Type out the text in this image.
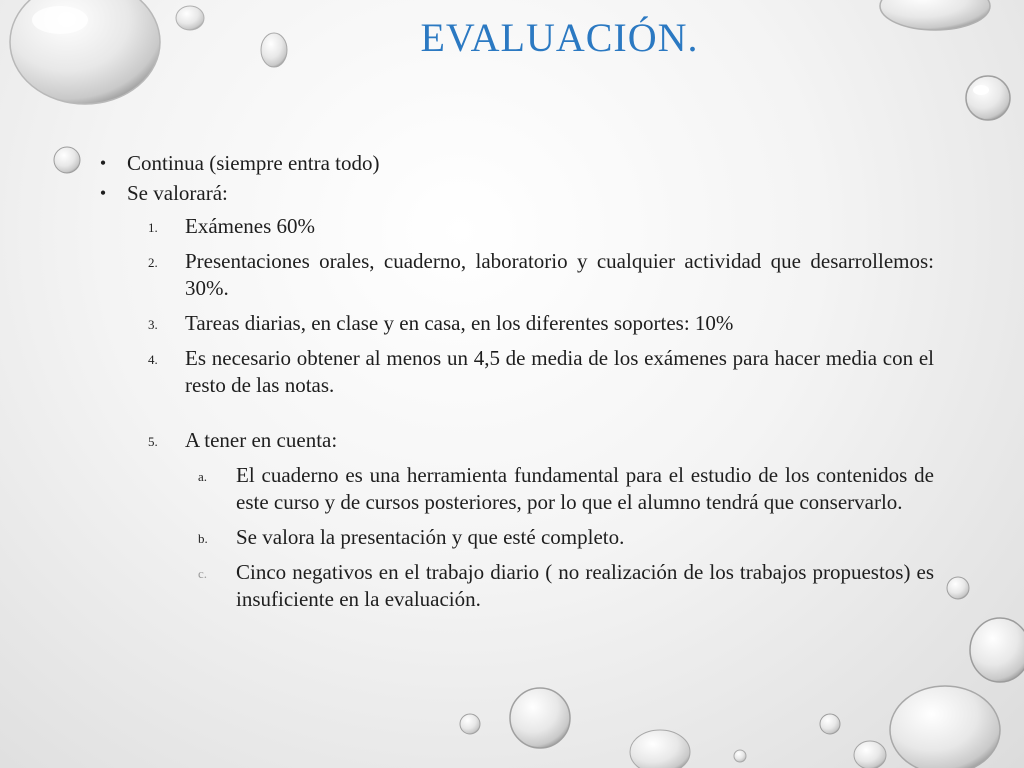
EVALUACIÓN.
• Continua (siempre entra todo)
• Se valorará:
1. Exámenes 60%
2. Presentaciones orales, cuaderno, laboratorio y cualquier actividad que desarrollemos: 30%.
3. Tareas diarias, en clase y en casa, en los diferentes soportes: 10%
4. Es necesario obtener al menos un 4,5 de media de los exámenes para hacer media con el resto de las notas.
5. A tener en cuenta:
a. El cuaderno es una herramienta fundamental para el estudio de los contenidos de este curso y de cursos posteriores, por lo que el alumno tendrá que conservarlo.
b. Se valora la presentación y que esté completo.
c. Cinco negativos en el trabajo diario ( no realización de los trabajos propuestos) es insuficiente en la evaluación.
